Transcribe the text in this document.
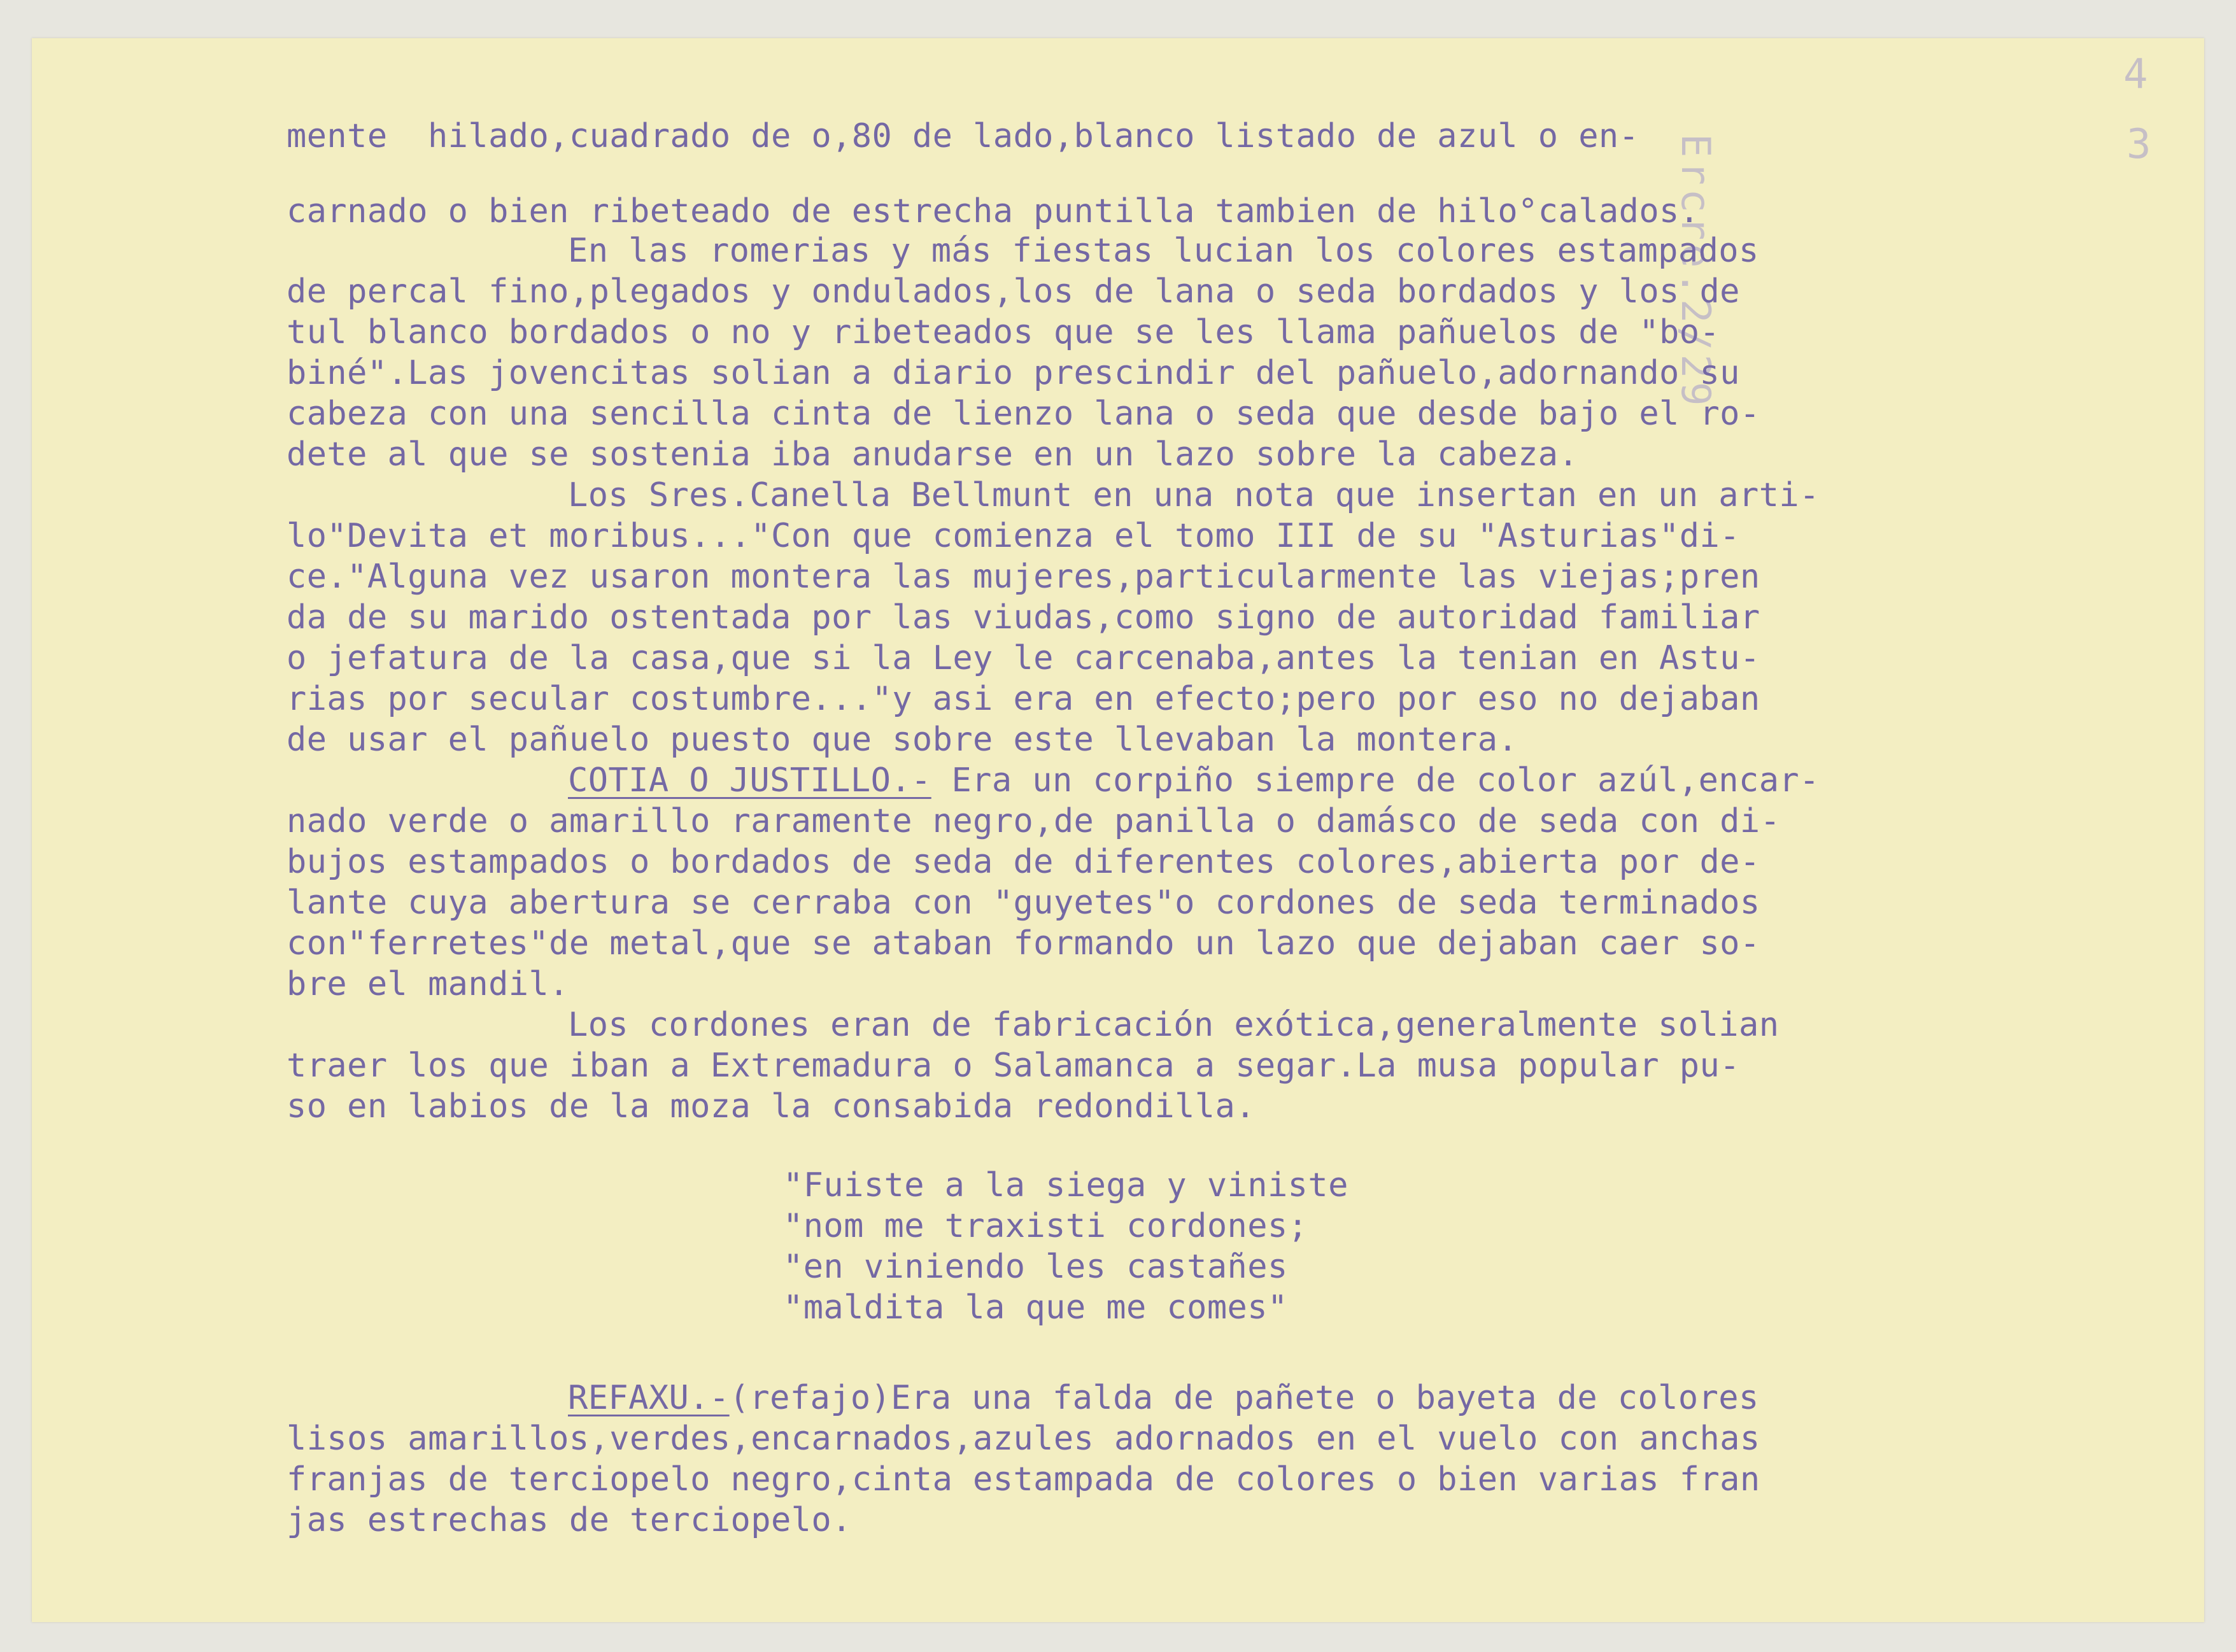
Ercre.2/29
4
3
mente  hilado,cuadrado de o,80 de lado,blanco listado de azul o en-
carnado o bien ribeteado de estrecha puntilla tambien de hilo°calados.
En las romerias y más fiestas lucian los colores estampados
de percal fino,plegados y ondulados,los de lana o seda bordados y los de
tul blanco bordados o no y ribeteados que se les llama pañuelos de "bo-
biné".Las jovencitas solian a diario prescindir del pañuelo,adornando su
cabeza con una sencilla cinta de lienzo lana o seda que desde bajo el ro-
dete al que se sostenia iba anudarse en un lazo sobre la cabeza.
Los Sres.Canella Bellmunt en una nota que insertan en un arti-
lo"Devita et moribus..."Con que comienza el tomo III de su "Asturias"di-
ce."Alguna vez usaron montera las mujeres,particularmente las viejas;pren
da de su marido ostentada por las viudas,como signo de autoridad familiar
o jefatura de la casa,que si la Ley le carcenaba,antes la tenian en Astu-
rias por secular costumbre..."y asi era en efecto;pero por eso no dejaban
de usar el pañuelo puesto que sobre este llevaban la montera.
COTIA O JUSTILLO.- Era un corpiño siempre de color azúl,encar-
nado verde o amarillo raramente negro,de panilla o damásco de seda con di-
bujos estampados o bordados de seda de diferentes colores,abierta por de-
lante cuya abertura se cerraba con "guyetes"o cordones de seda terminados
con"ferretes"de metal,que se ataban formando un lazo que dejaban caer so-
bre el mandil.
Los cordones eran de fabricación exótica,generalmente solian
traer los que iban a Extremadura o Salamanca a segar.La musa popular pu-
so en labios de la moza la consabida redondilla.
"Fuiste a la siega y viniste
"nom me traxisti cordones;
"en viniendo les castañes
"maldita la que me comes"
REFAXU.-(refajo)Era una falda de pañete o bayeta de colores
lisos amarillos,verdes,encarnados,azules adornados en el vuelo con anchas
franjas de terciopelo negro,cinta estampada de colores o bien varias fran
jas estrechas de terciopelo.
